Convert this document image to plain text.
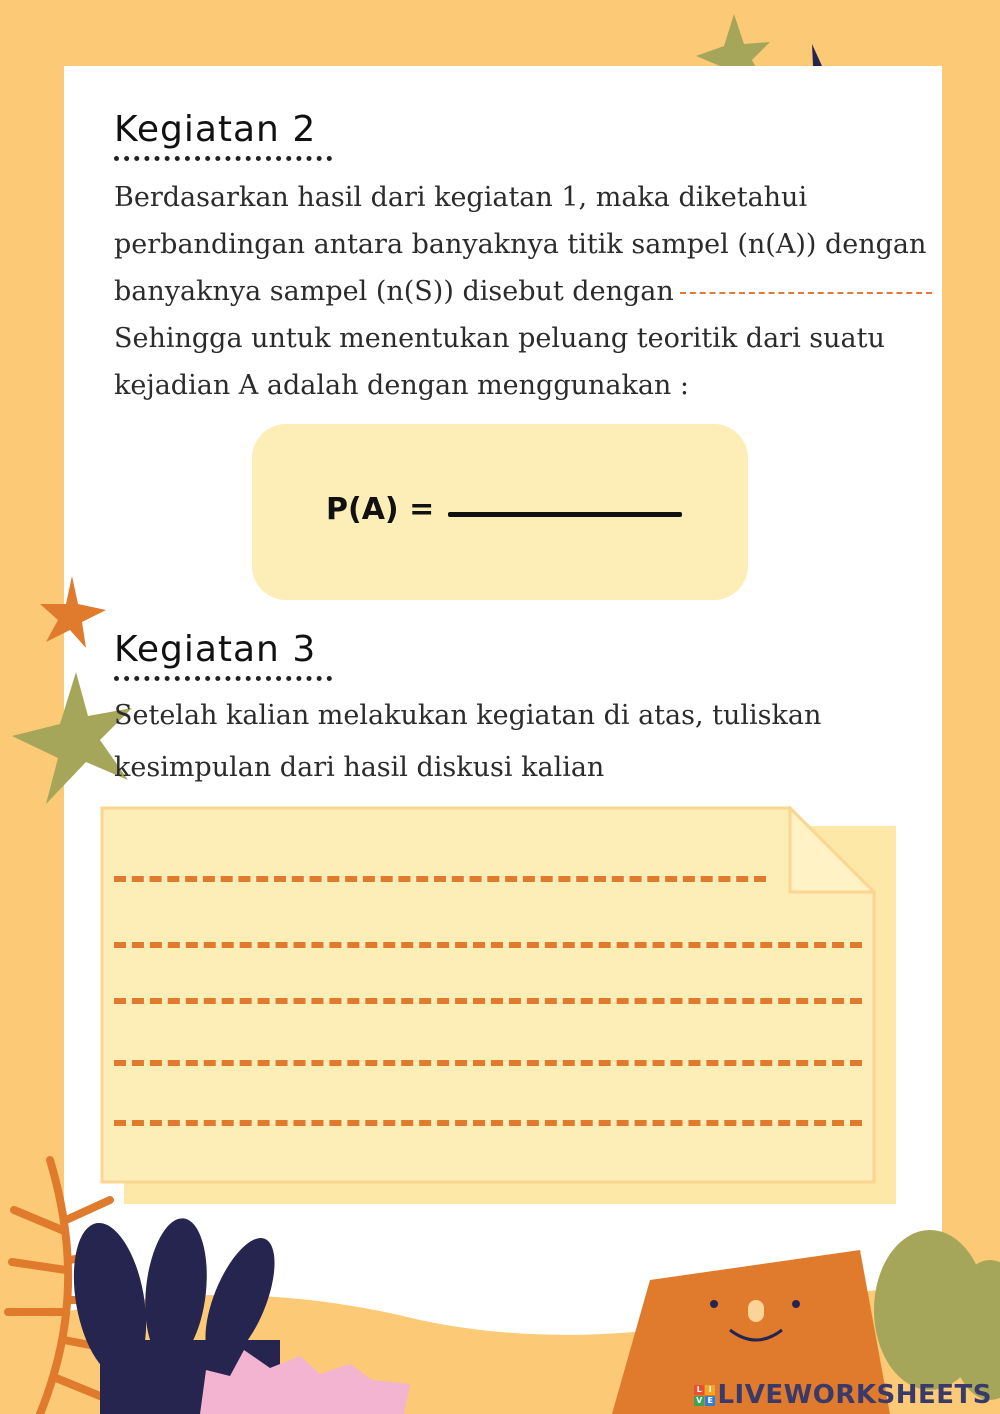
Kegiatan 2

Berdasarkan hasil dari kegiatan 1, maka diketahui
perbandingan antara banyaknya titik sampel (n(A)) dengan
banyaknya sampel (n(S)) disebut dengan
Sehingga untuk menentukan peluang teoritik dari suatu
kejadian A adalah dengan menggunakan :

P(A) =
Kegiatan 3

Setelah kalian melakukan kegiatan di atas, tuliskan
kesimpulan dari hasil diskusi kalian

L I
V E LIVEWORKSHEETS
